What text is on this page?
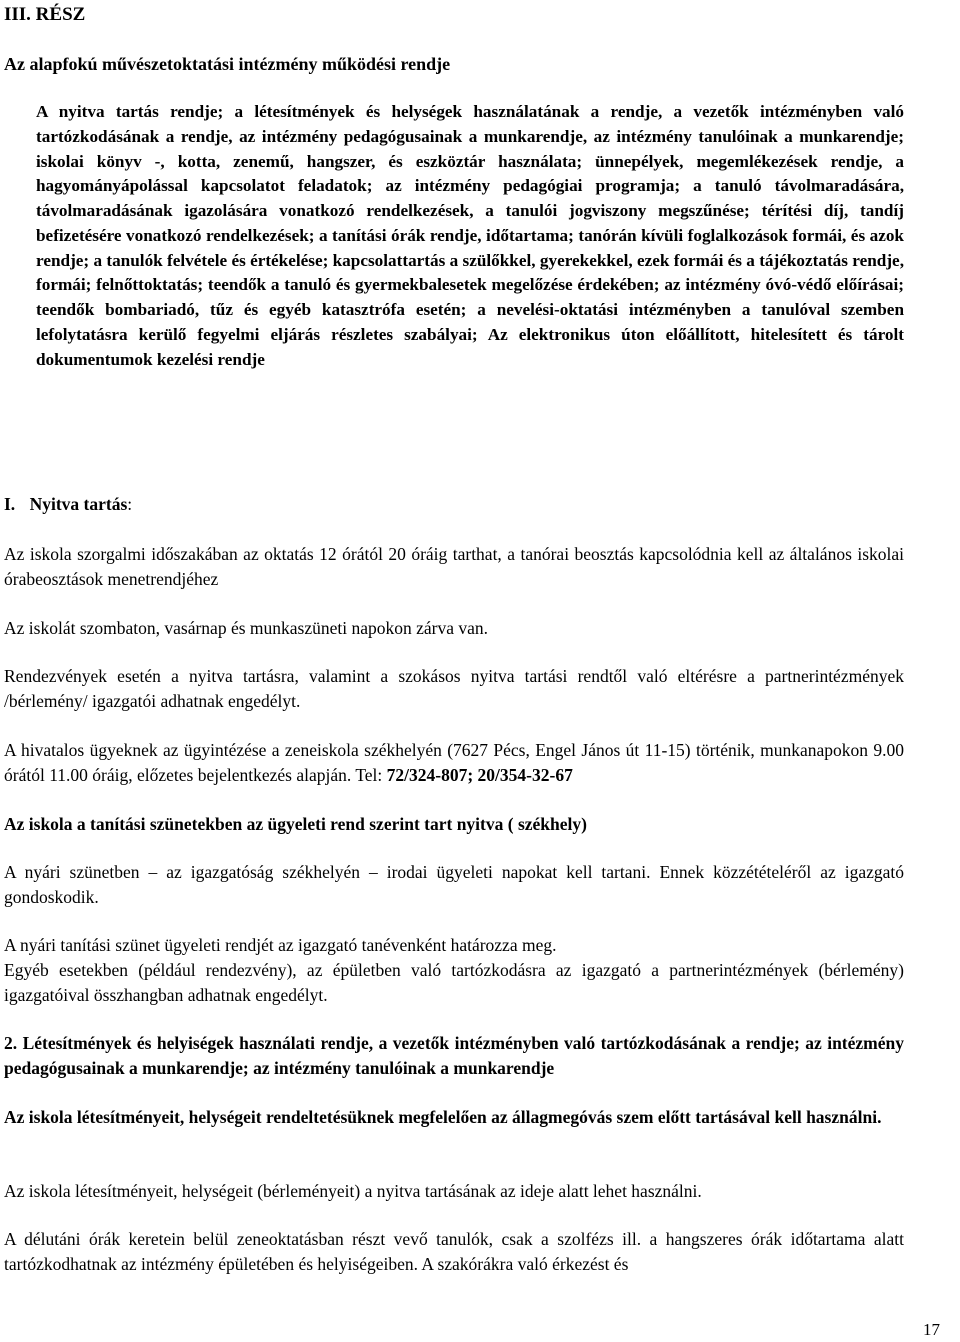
III. RÉSZ
Az alapfokú művészetoktatási intézmény működési rendje

A nyitva tartás rendje; a létesítmények és helységek használatának a rendje, a vezetők intézményben való tartózkodásának a rendje, az intézmény pedagógusainak a munkarendje, az intézmény tanulóinak a munkarendje; iskolai könyv -, kotta, zenemű, hangszer, és eszköztár használata; ünnepélyek, megemlékezések rendje, a hagyományápolással kapcsolatot feladatok; az intézmény pedagógiai programja; a tanuló távolmaradására, távolmaradásának igazolására vonatkozó rendelkezések, a tanulói jogviszony megszűnése; térítési díj, tandíj befizetésére vonatkozó rendelkezések; a tanítási órák rendje, időtartama; tanórán kívüli foglalkozások formái, és azok rendje; a tanulók felvétele és értékelése; kapcsolattartás a szülőkkel, gyerekekkel, ezek formái és a tájékoztatás rendje, formái; felnőttoktatás; teendők a tanuló és gyermekbalesetek megelőzése érdekében; az intézmény óvó-védő előírásai; teendők bombariadó, tűz és egyéb katasztrófa esetén; a nevelési-oktatási intézményben a tanulóval szemben lefolytatásra kerülő fegyelmi eljárás részletes szabályai; Az elektronikus úton előállított, hitelesített és tárolt dokumentumok kezelési rendje

I. Nyitva tartás:

Az iskola szorgalmi időszakában az oktatás 12 órától 20 óráig tarthat, a tanórai beosztás kapcsolódnia kell az általános iskolai órabeosztások menetrendjéhez

Az iskolát szombaton, vasárnap és munkaszüneti napokon zárva van.

Rendezvények esetén a nyitva tartásra, valamint a szokásos nyitva tartási rendtől való eltérésre a partnerintézmények /bérlemény/ igazgatói adhatnak engedélyt.

A hivatalos ügyeknek az ügyintézése a zeneiskola székhelyén (7627 Pécs, Engel János út 11-15) történik, munkanapokon 9.00 órától 11.00 óráig, előzetes bejelentkezés alapján. Tel: 72/324-807; 20/354-32-67

Az iskola a tanítási szünetekben az ügyeleti rend szerint tart nyitva ( székhely)

A nyári szünetben – az igazgatóság székhelyén – irodai ügyeleti napokat kell tartani. Ennek közzétételéről az igazgató gondoskodik.

A nyári tanítási szünet ügyeleti rendjét az igazgató tanévenként határozza meg.

Egyéb esetekben (például rendezvény), az épületben való tartózkodásra az igazgató a partnerintézmények (bérlemény) igazgatóival összhangban adhatnak engedélyt.

2. Létesítmények és helyiségek használati rendje, a vezetők intézményben való tartózkodásának a rendje; az intézmény pedagógusainak a munkarendje; az intézmény tanulóinak a munkarendje

Az iskola létesítményeit, helységeit rendeltetésüknek megfelelően az állagmegóvás szem előtt tartásával kell használni.

Az iskola létesítményeit, helységeit (bérleményeit) a nyitva tartásának az ideje alatt lehet használni.

A délutáni órák keretein belül zeneoktatásban részt vevő tanulók, csak a szolfézs ill. a hangszeres órák időtartama alatt tartózkodhatnak az intézmény épületében és helyiségeiben. A szakórákra való érkezést és

17
